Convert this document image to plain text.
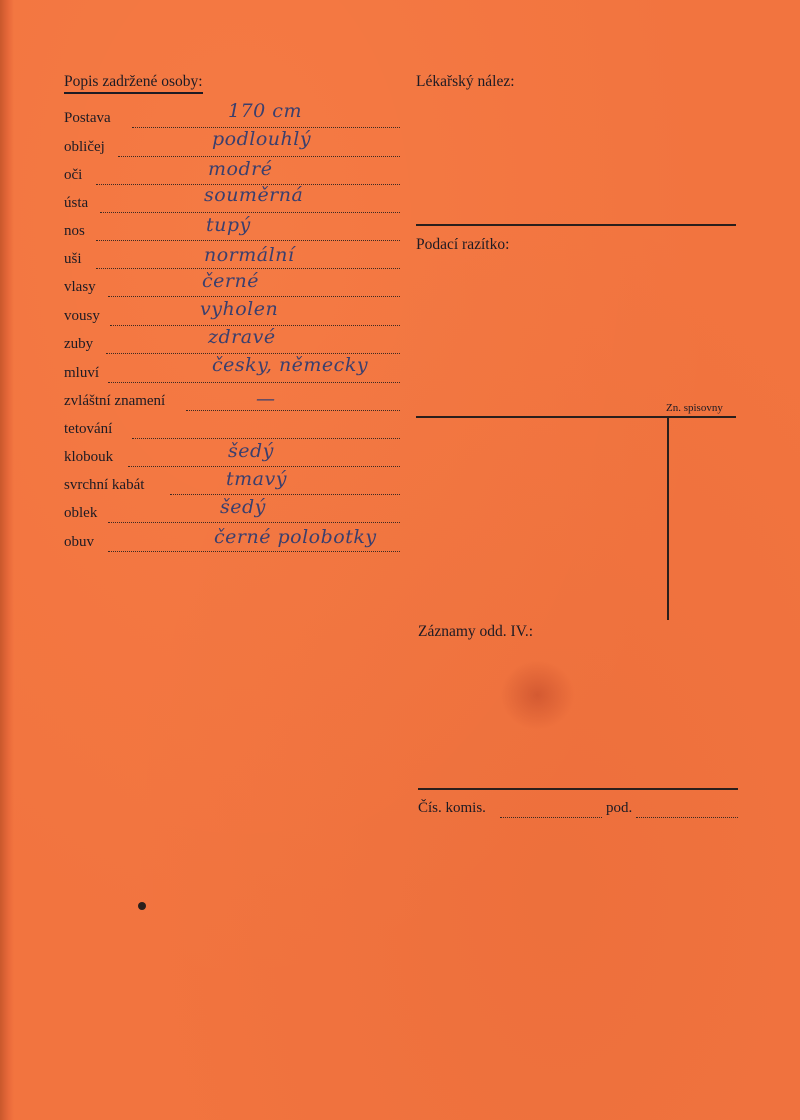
Popis zadržené osoby:
Postava	170 cm
obličej	podlouhlý
oči	modré
ústa	souměrná
nos	tupý
uši	normální
vlasy	černé
vousy	vyholen
zuby	zdravé
mluví	česky, německy
zvláštní znamení	—
tetování
klobouk	šedý
svrchní kabát	tmavý
oblek	šedý
obuv	černé polobotky
Lékařský nález:
Podací razítko:
Zn. spisovny
Záznamy odd. IV.:
Čís. komis.	pod.
